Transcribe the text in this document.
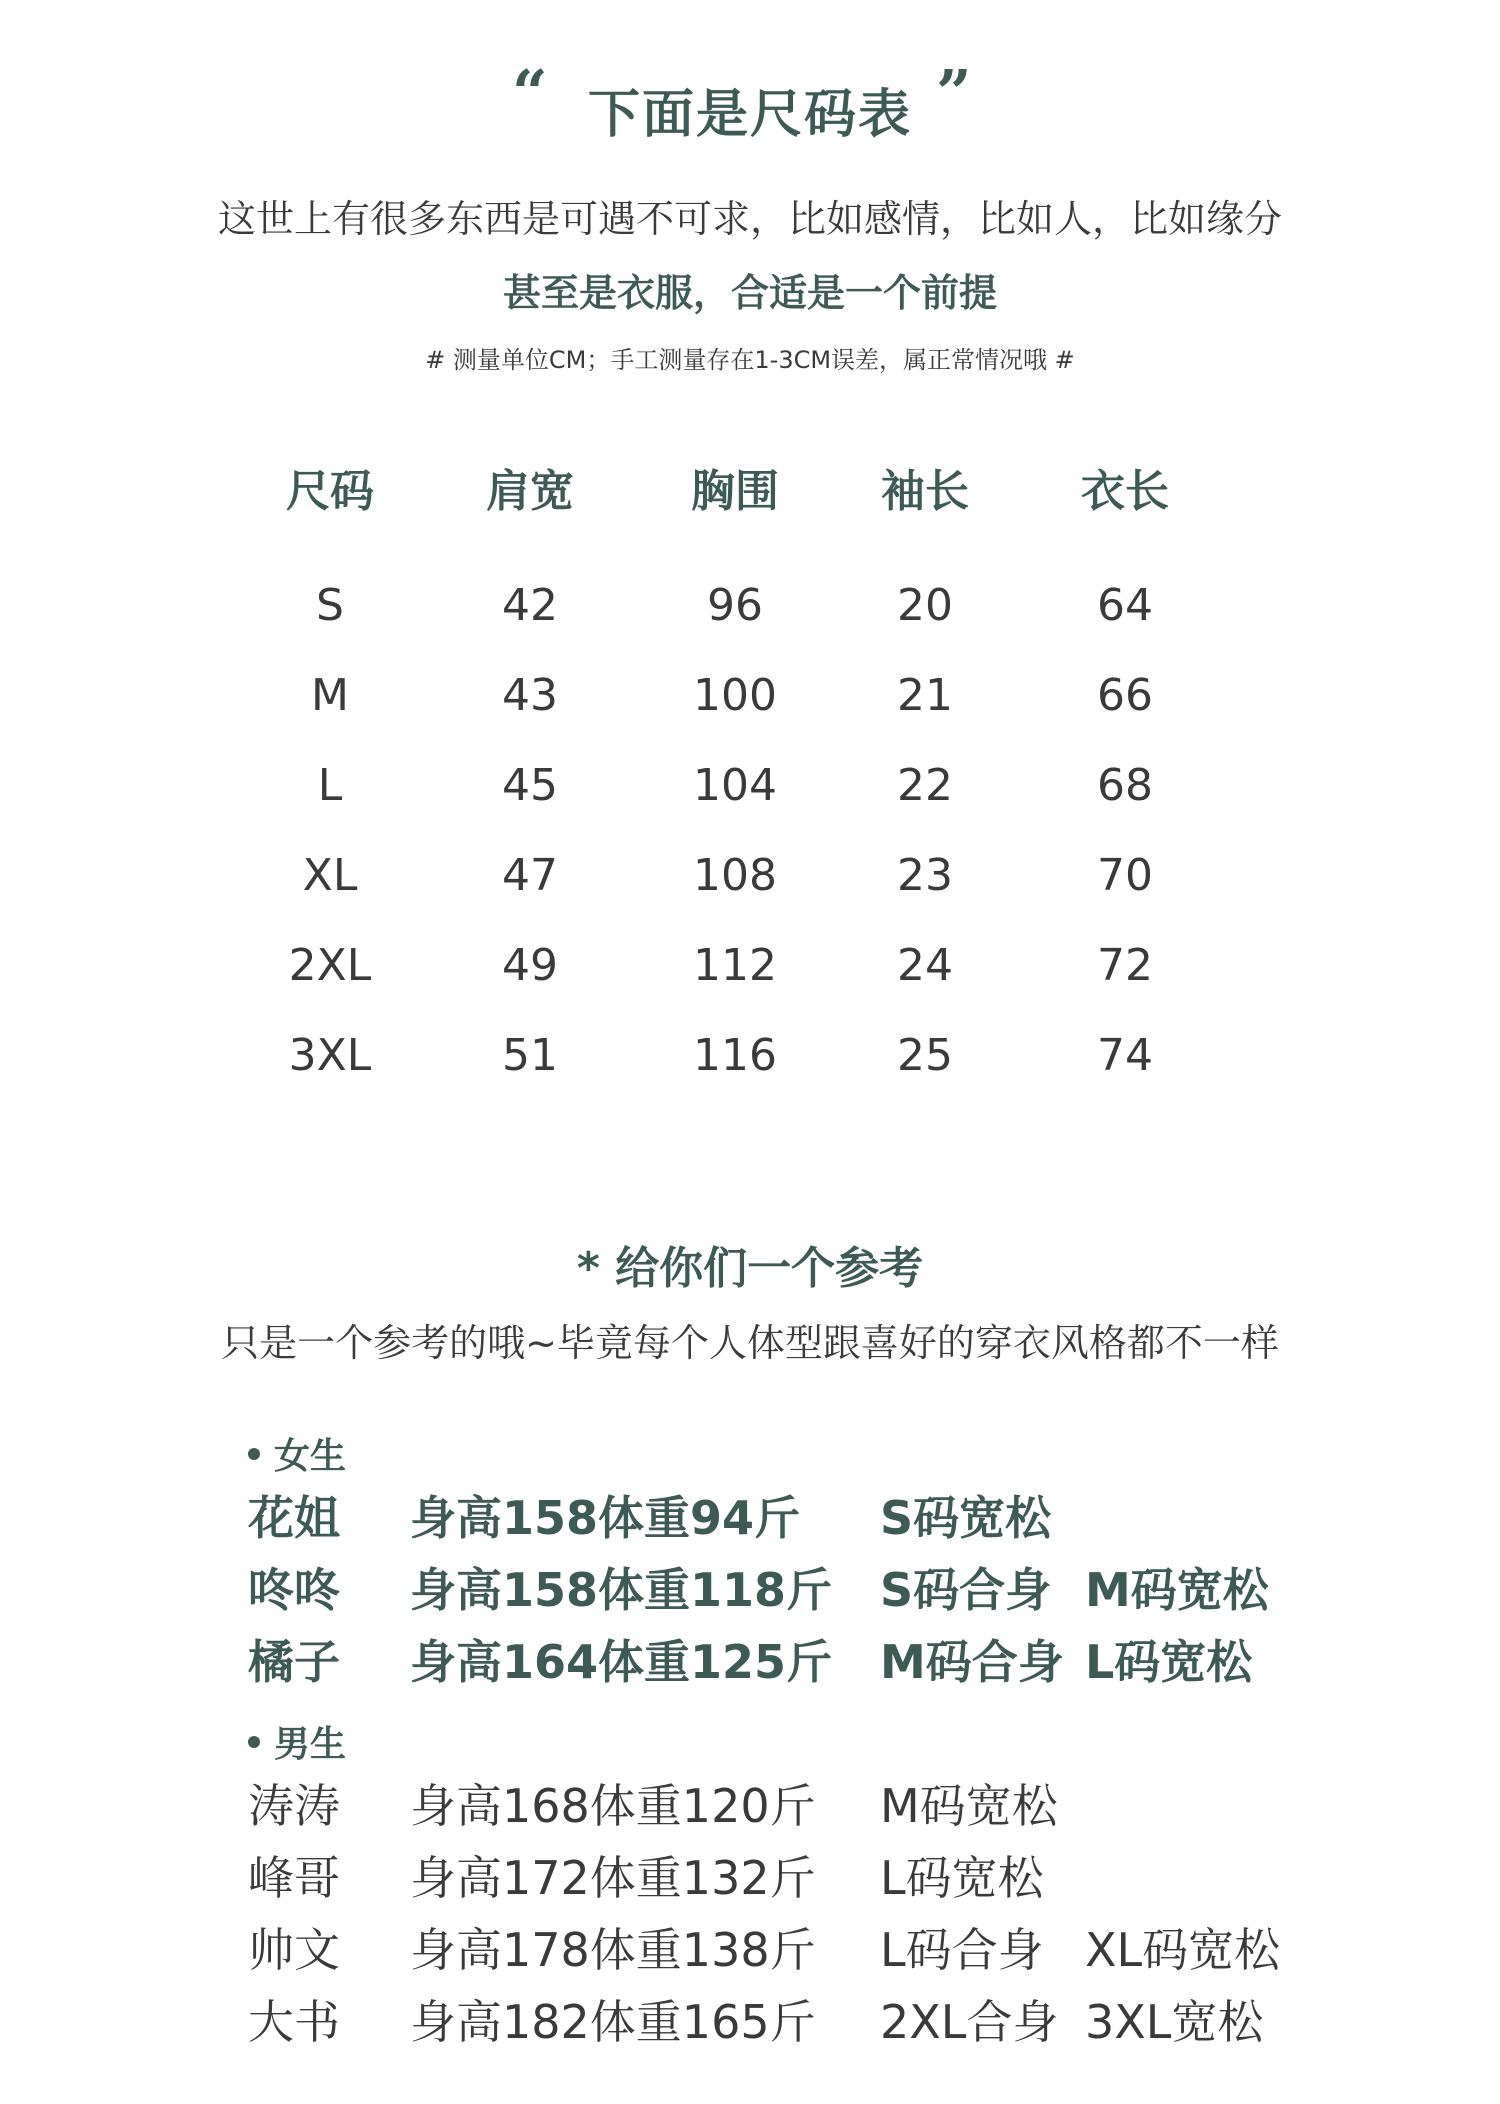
“ 下面是尺码表 ”
这世上有很多东西是可遇不可求，比如感情，比如人，比如缘分
甚至是衣服，合适是一个前提
# 测量单位CM；手工测量存在1-3CM误差，属正常情况哦 #
尺码	肩宽	胸围	袖长	衣长
S	42	96	20	64
M	43	100	21	66
L	45	104	22	68
XL	47	108	23	70
2XL	49	112	24	72
3XL	51	116	25	74
* 给你们一个参考
只是一个参考的哦~毕竟每个人体型跟喜好的穿衣风格都不一样
女生
花姐 身高158体重94斤 S码宽松
咚咚 身高158体重118斤 S码合身 M码宽松
橘子 身高164体重125斤 M码合身 L码宽松
男生
涛涛 身高168体重120斤 M码宽松
峰哥 身高172体重132斤 L码宽松
帅文 身高178体重138斤 L码合身 XL码宽松
大书 身高182体重165斤 2XL合身 3XL宽松
